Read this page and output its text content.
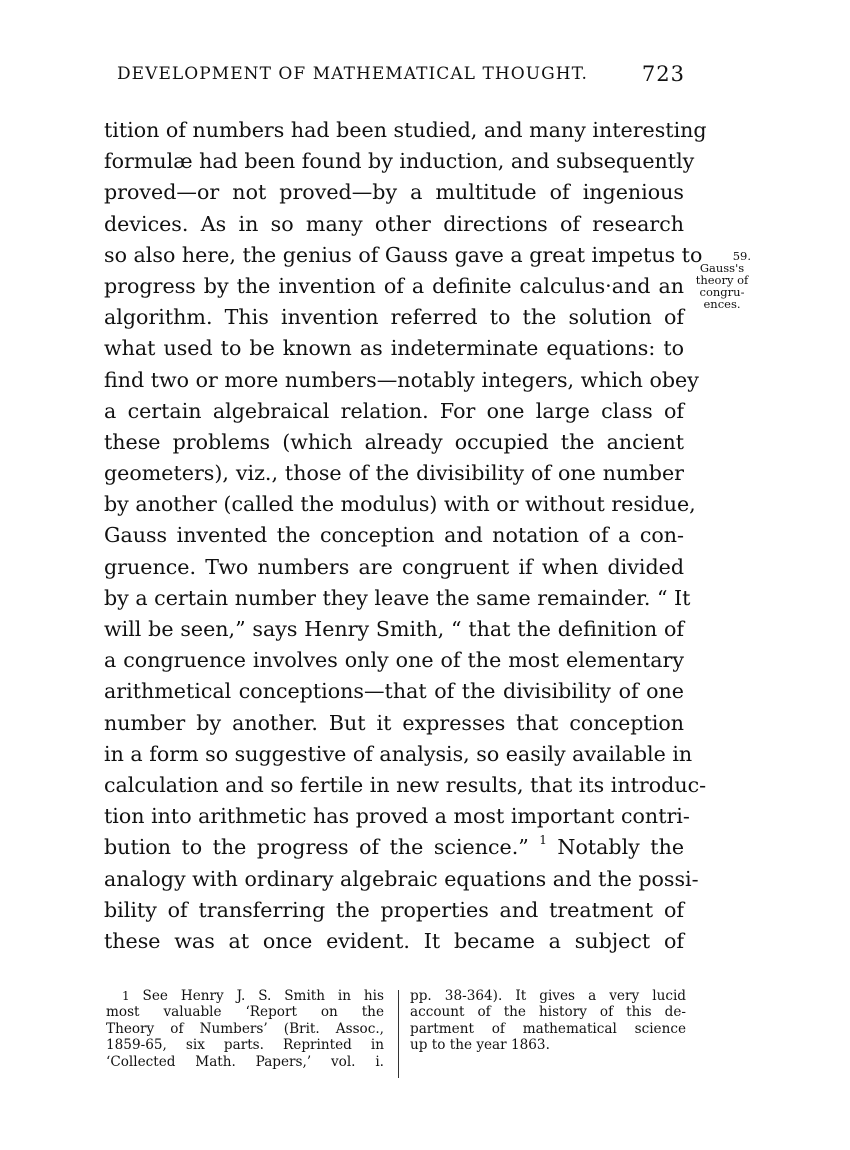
DEVELOPMENT OF MATHEMATICAL THOUGHT.	723
tition of numbers had been studied, and many interesting
formulæ had been found by induction, and subsequently
proved—or not proved—by a multitude of ingenious
devices. As in so many other directions of research
so also here, the genius of Gauss gave a great impetus to
progress by the invention of a definite calculus·and an
algorithm. This invention referred to the solution of
what used to be known as indeterminate equations: to
find two or more numbers—notably integers, which obey
a certain algebraical relation. For one large class of
these problems (which already occupied the ancient
geometers), viz., those of the divisibility of one number
by another (called the modulus) with or without residue,
Gauss invented the conception and notation of a con-
gruence. Two numbers are congruent if when divided
by a certain number they leave the same remainder. “ It
will be seen,” says Henry Smith, “ that the definition of
a congruence involves only one of the most elementary
arithmetical conceptions—that of the divisibility of one
number by another. But it expresses that conception
in a form so suggestive of analysis, so easily available in
calculation and so fertile in new results, that its introduc-
tion into arithmetic has proved a most important contri-
bution to the progress of the science.” $^1$ Notably the
analogy with ordinary algebraic equations and the possi-
bility of transferring the properties and treatment of
these was at once evident. It became a subject of
59.
Gauss's
theory of
congru-
ences.
$^1$ See Henry J. S. Smith in his
most valuable ‘Report on the
Theory of Numbers’ (Brit. Assoc.,
1859-65, six parts. Reprinted in
‘Collected Math. Papers,’ vol. i.
pp. 38-364). It gives a very lucid
account of the history of this de-
partment of mathematical science
up to the year 1863.
